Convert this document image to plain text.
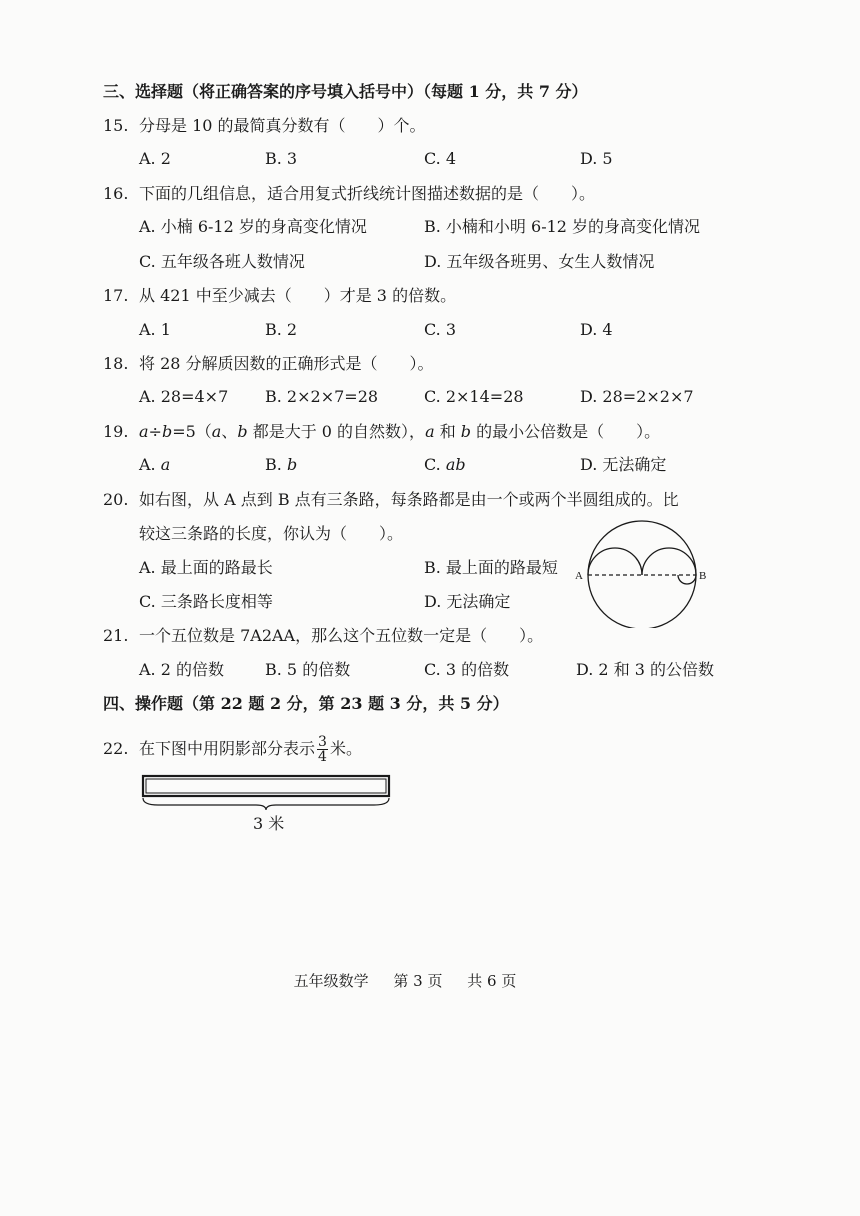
三、选择题（将正确答案的序号填入括号中）（每题 1 分，共 7 分）
15. 分母是 10 的最简真分数有（　　）个。
A. 2	B. 3	C. 4	D. 5
16. 下面的几组信息，适合用复式折线统计图描述数据的是（　　）。
A. 小楠 6-12 岁的身高变化情况	B. 小楠和小明 6-12 岁的身高变化情况
C. 五年级各班人数情况	D. 五年级各班男、女生人数情况
17. 从 421 中至少减去（　　）才是 3 的倍数。
A. 1	B. 2	C. 3	D. 4
18. 将 28 分解质因数的正确形式是（　　）。
A. 28=4×7 B. 2×2×7=28	C. 2×14=28	D. 28=2×2×7
19. a÷b=5（a、b 都是大于 0 的自然数），a 和 b 的最小公倍数是（　　）。
A. a	B. b	C. ab	D. 无法确定
20. 如右图，从 A 点到 B 点有三条路，每条路都是由一个或两个半圆组成的。比
较这三条路的长度，你认为（　　）。
A. 最上面的路最长	B. 最上面的路最短
C. 三条路长度相等	D. 无法确定
A	B
21. 一个五位数是 7A2AA，那么这个五位数一定是（　　）。
A. 2 的倍数	B. 5 的倍数	C. 3 的倍数	D. 2 和 3 的公倍数
四、操作题（第 22 题 2 分，第 23 题 3 分，共 5 分）
22. 在下图中用阴影部分表示 $\frac{3}{4}$ 米。
3 米
五年级数学 第 3 页 共 6 页
